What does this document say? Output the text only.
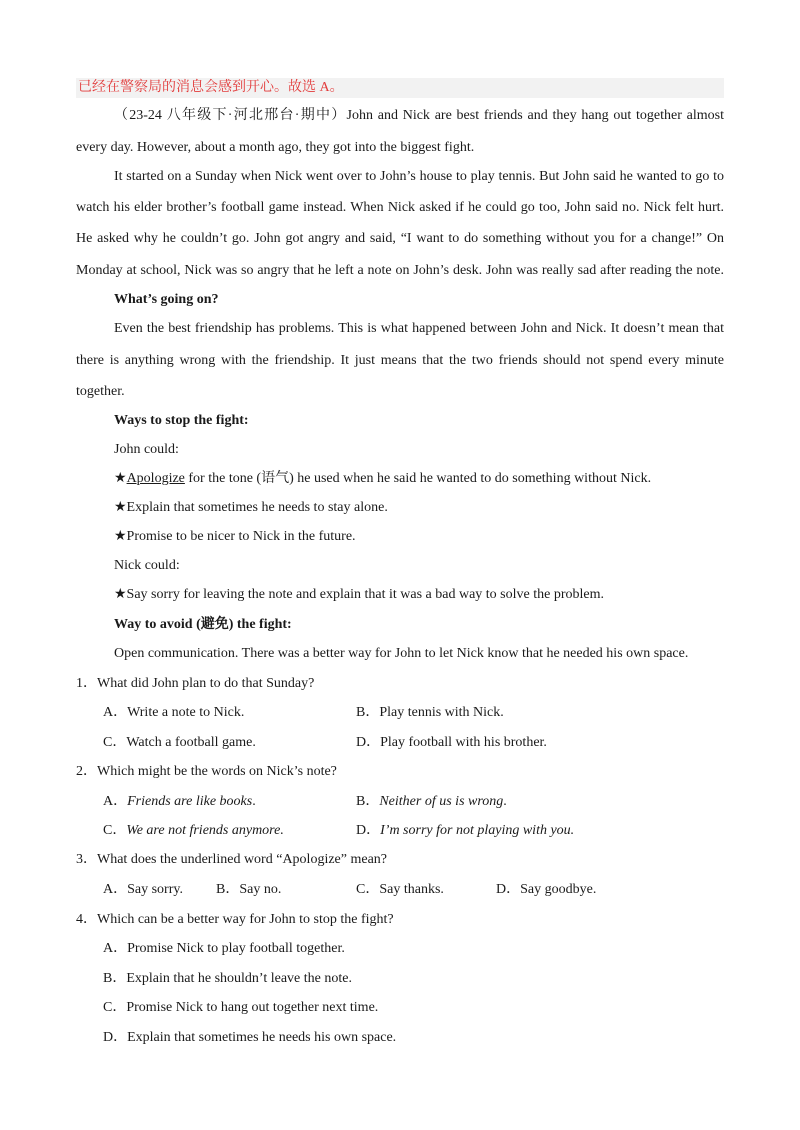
已经在警察局的消息会感到开心。故选 A。
（23-24 八年级下·河北邢台·期中）John and Nick are best friends and they hang out together almost
every day. However, about a month ago, they got into the biggest fight.
It started on a Sunday when Nick went over to John’s house to play tennis. But John said he wanted to go to
watch his elder brother’s football game instead. When Nick asked if he could go too, John said no. Nick felt hurt.
He asked why he couldn’t go. John got angry and said, “I want to do something without you for a change!” On
Monday at school, Nick was so angry that he left a note on John’s desk. John was really sad after reading the note.
What’s going on?
Even the best friendship has problems. This is what happened between John and Nick. It doesn’t mean that
there is anything wrong with the friendship. It just means that the two friends should not spend every minute
together.
Ways to stop the fight:
John could:
★Apologize for the tone (语气) he used when he said he wanted to do something without Nick.
★Explain that sometimes he needs to stay alone.
★Promise to be nicer to Nick in the future.
Nick could:
★Say sorry for leaving the note and explain that it was a bad way to solve the problem.
Way to avoid (避免) the fight:
Open communication. There was a better way for John to let Nick know that he needed his own space.
1．What did John plan to do that Sunday?
A．Write a note to Nick.	B．Play tennis with Nick.
C．Watch a football game.	D．Play football with his brother.
2．Which might be the words on Nick’s note?
A．Friends are like books.	B．Neither of us is wrong.
C．We are not friends anymore.	D．I’m sorry for not playing with you.
3．What does the underlined word “Apologize” mean?
A．Say sorry. B．Say no.	C．Say thanks.	D．Say goodbye.
4．Which can be a better way for John to stop the fight?
A．Promise Nick to play football together.
B．Explain that he shouldn’t leave the note.
C．Promise Nick to hang out together next time.
D．Explain that sometimes he needs his own space.
